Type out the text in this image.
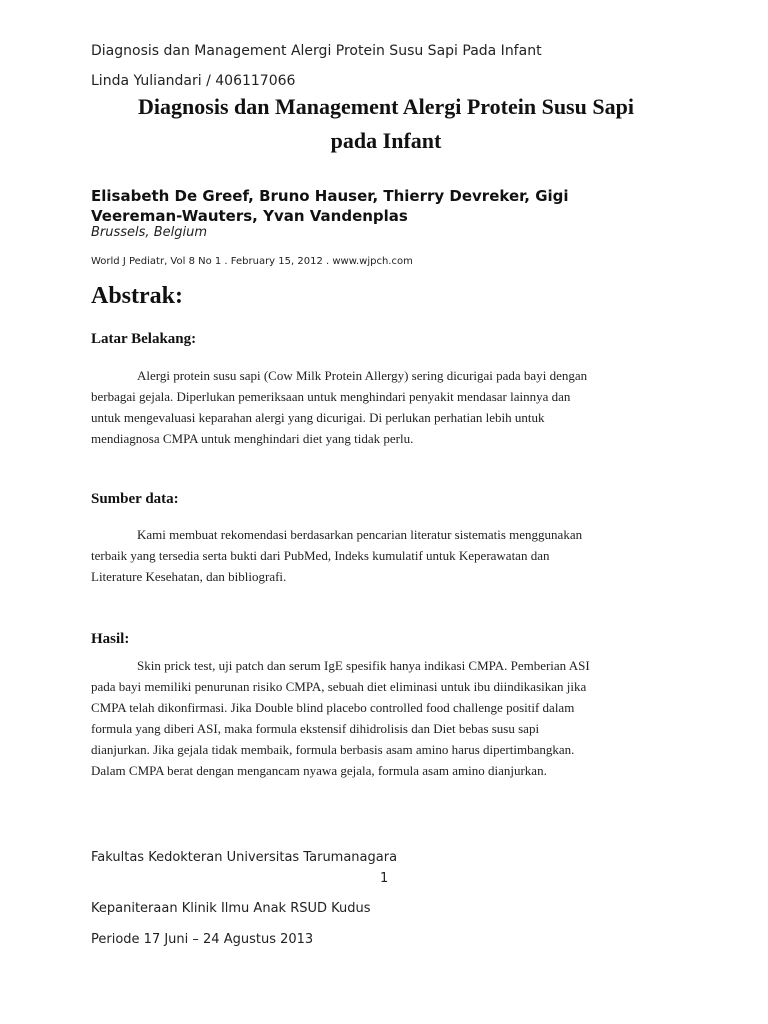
Diagnosis dan Management Alergi Protein Susu Sapi Pada Infant
Linda Yuliandari / 406117066
Diagnosis dan Management Alergi Protein Susu Sapi
pada Infant
Elisabeth De Greef, Bruno Hauser, Thierry Devreker, Gigi
Veereman-Wauters, Yvan Vandenplas
Brussels, Belgium
World J Pediatr, Vol 8 No 1 . February 15, 2012 . www.wjpch.com
Abstrak:
Latar Belakang:
Alergi protein susu sapi (Cow Milk Protein Allergy) sering dicurigai pada bayi dengan
berbagai gejala. Diperlukan pemeriksaan untuk menghindari penyakit mendasar lainnya dan
untuk mengevaluasi keparahan alergi yang dicurigai. Di perlukan perhatian lebih untuk
mendiagnosa CMPA untuk menghindari diet yang tidak perlu.
Sumber data:
Kami membuat rekomendasi berdasarkan pencarian literatur sistematis menggunakan
terbaik yang tersedia serta bukti dari PubMed, Indeks kumulatif untuk Keperawatan dan
Literature Kesehatan, dan bibliografi.
Hasil:
Skin prick test, uji patch dan serum IgE spesifik hanya indikasi CMPA. Pemberian ASI
pada bayi memiliki penurunan risiko CMPA, sebuah diet eliminasi untuk ibu diindikasikan jika
CMPA telah dikonfirmasi. Jika Double blind placebo controlled food challenge positif dalam
formula yang diberi ASI, maka formula ekstensif dihidrolisis dan Diet bebas susu sapi
dianjurkan. Jika gejala tidak membaik, formula berbasis asam amino harus dipertimbangkan.
Dalam CMPA berat dengan mengancam nyawa gejala, formula asam amino dianjurkan.
Fakultas Kedokteran Universitas Tarumanagara
1
Kepaniteraan Klinik Ilmu Anak RSUD Kudus
Periode 17 Juni – 24 Agustus 2013
